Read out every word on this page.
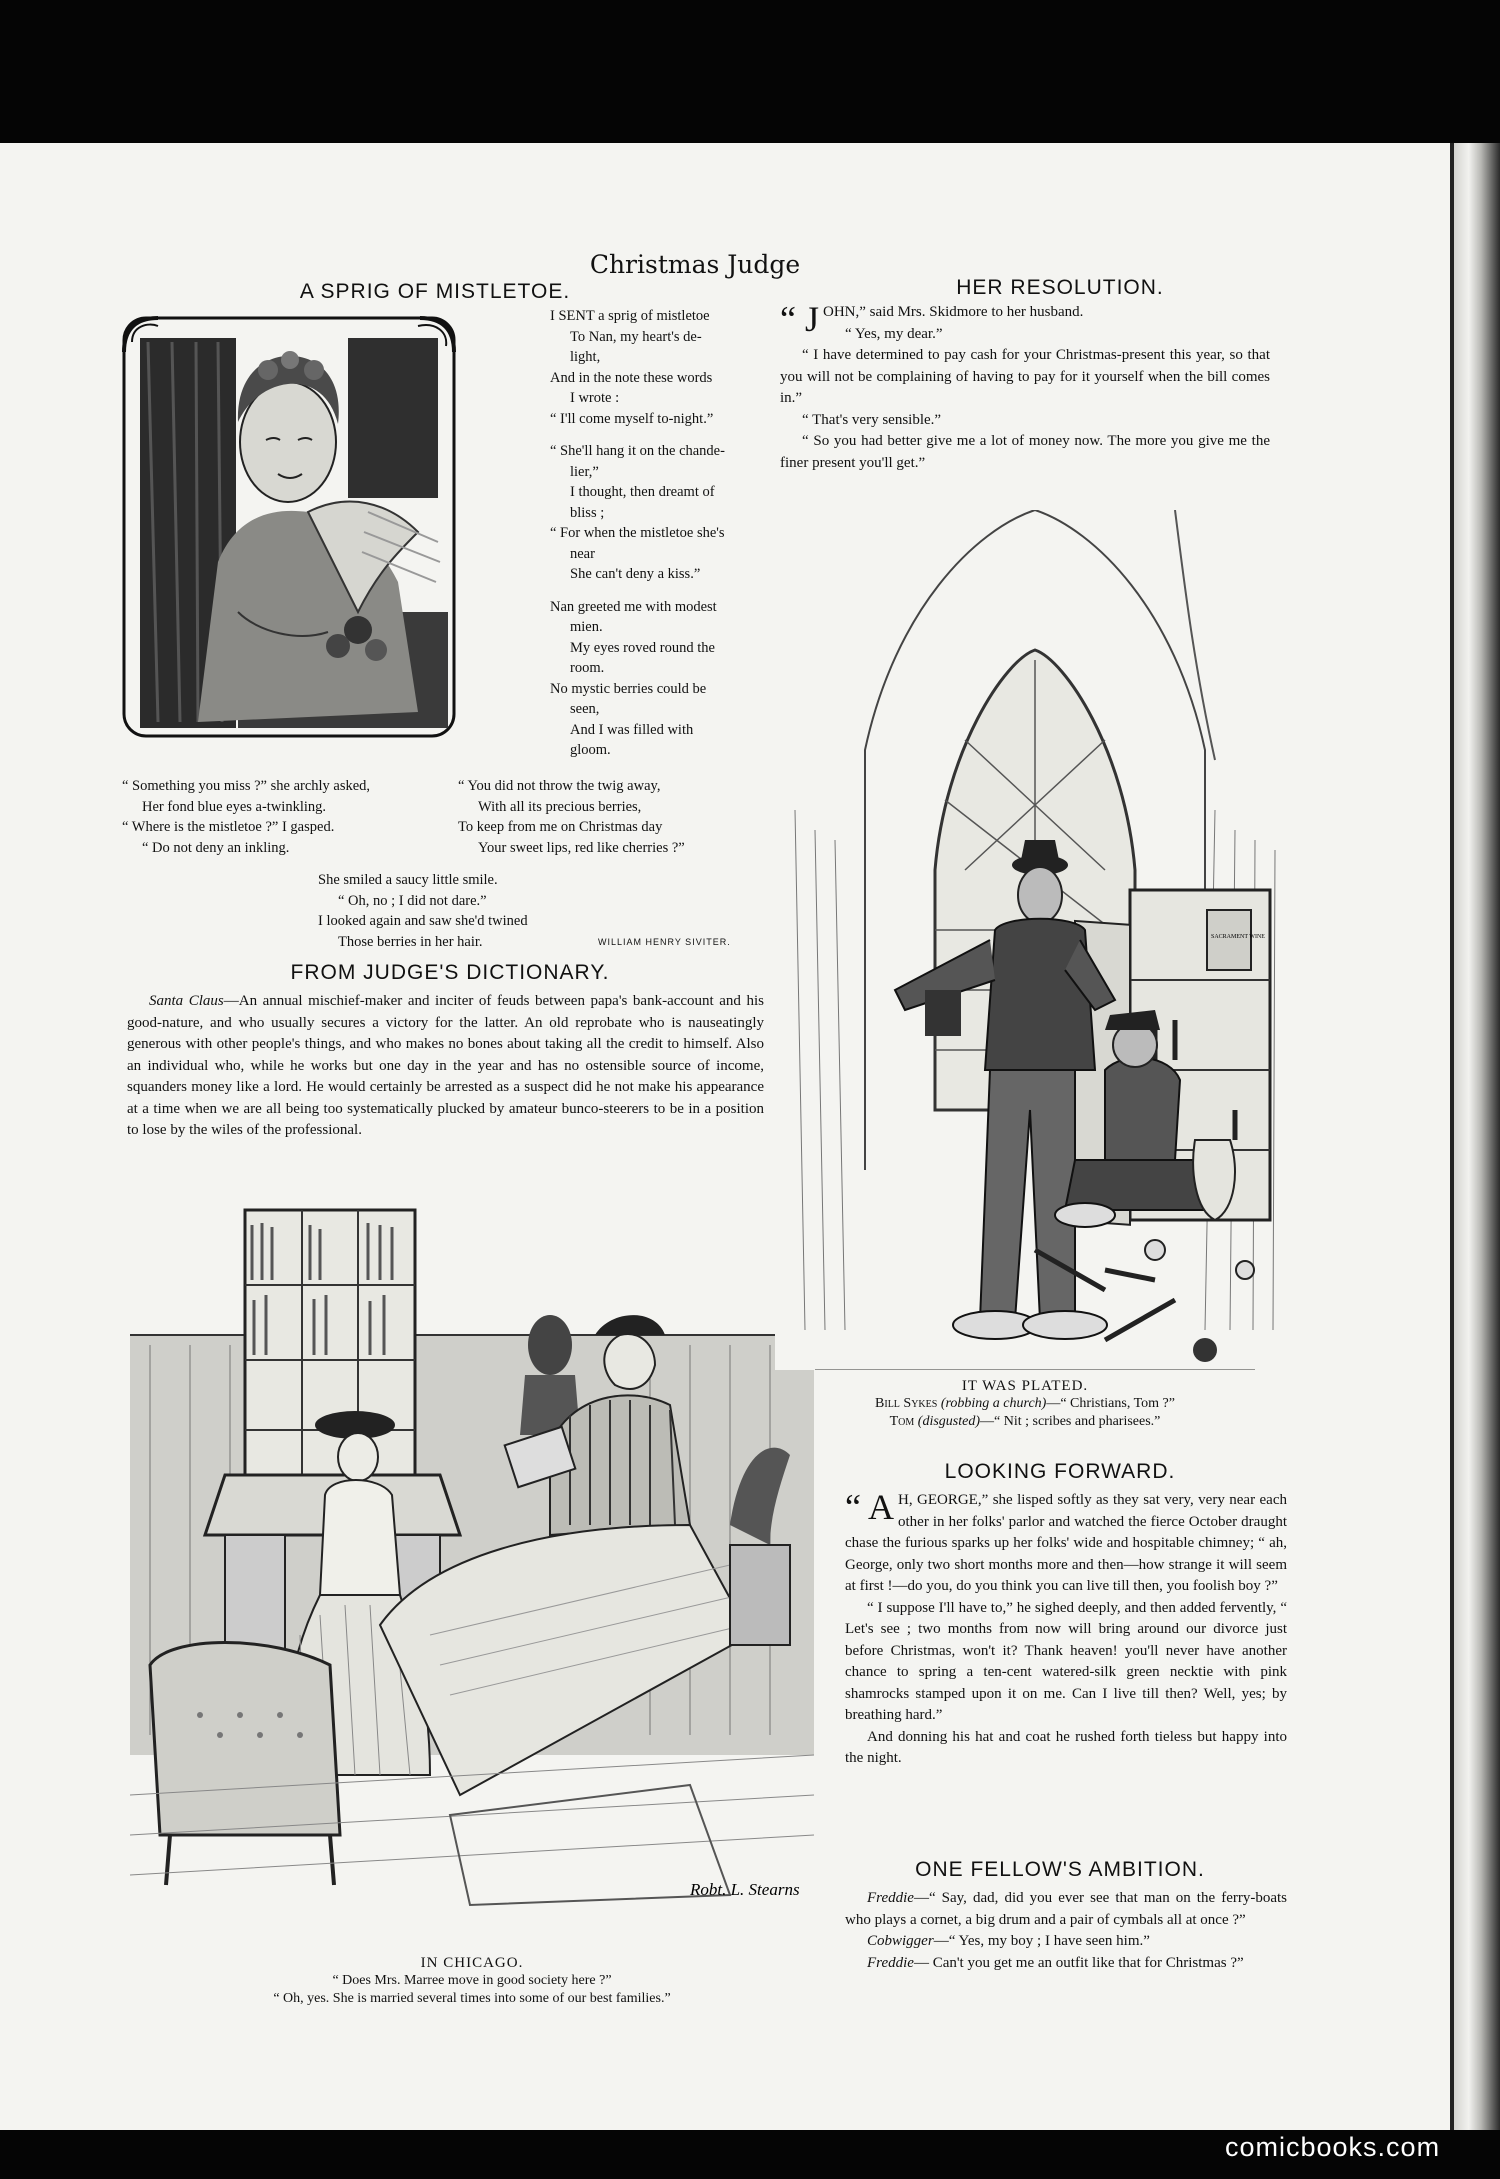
Christmas Judge
A SPRIG OF MISTLETOE.
I SENT a sprig of mistletoe
To Nan, my heart's de-
light,
And in the note these words
I wrote :
“ I'll come myself to-night.”
“ She'll hang it on the chande-
lier,”
I thought, then dreamt of
bliss ;
“ For when the mistletoe she's
near
She can't deny a kiss.”
Nan greeted me with modest
mien.
My eyes roved round the
room.
No mystic berries could be
seen,
And I was filled with
gloom.
“ Something you miss ?” she archly asked,
Her fond blue eyes a-twinkling.
“ Where is the mistletoe ?” I gasped.
“ Do not deny an inkling.
“ You did not throw the twig away,
With all its precious berries,
To keep from me on Christmas day
Your sweet lips, red like cherries ?”
She smiled a saucy little smile.
“ Oh, no ; I did not dare.”
I looked again and saw she'd twined
Those berries in her hair.	WILLIAM HENRY SIVITER.
FROM JUDGE'S DICTIONARY.

Santa Claus—An annual mischief-maker and inciter of feuds between papa's bank-account and his good-nature, and who usually secures a victory for the latter. An old reprobate who is nauseatingly generous with other people's things, and who makes no bones about taking all the credit to himself. Also an individual who, while he works but one day in the year and has no ostensible source of income, squanders money like a lord. He would certainly be arrested as a suspect did he not make his appearance at a time when we are all being too systematically plucked by amateur bunco-steerers to be in a position to lose by the wiles of the professional.

Robt. L. Stearns
IN CHICAGO.
“ Does Mrs. Marree move in good society here ?”
“ Oh, yes. She is married several times into some of our best families.”
HER RESOLUTION.

“ J OHN,” said Mrs. Skidmore to her husband.

“ Yes, my dear.”

“ I have determined to pay cash for your Christmas-present this year, so that you will not be complaining of having to pay for it yourself when the bill comes in.”

“ That's very sensible.”

“ So you had better give me a lot of money now. The more you give me the finer present you'll get.”

SACRAMENT WINE
IT WAS PLATED.
Bill Sykes (robbing a church)—“ Christians, Tom ?”
Tom (disgusted)—“ Nit ; scribes and pharisees.”
LOOKING FORWARD.

“ A H, GEORGE,” she lisped softly as they sat very, very near each other in her folks' parlor and watched the fierce October draught chase the furious sparks up her folks' wide and hospitable chimney; “ ah, George, only two short months more and then—how strange it will seem at first !—do you, do you think you can live till then, you foolish boy ?”

“ I suppose I'll have to,” he sighed deeply, and then added fervently, “ Let's see ; two months from now will bring around our divorce just before Christmas, won't it? Thank heaven! you'll never have another chance to spring a ten-cent watered-silk green necktie with pink shamrocks stamped upon it on me. Can I live till then? Well, yes; by breathing hard.”

And donning his hat and coat he rushed forth tieless but happy into the night.

ONE FELLOW'S AMBITION.

Freddie—“ Say, dad, did you ever see that man on the ferry-boats who plays a cornet, a big drum and a pair of cymbals all at once ?”

Cobwigger—“ Yes, my boy ; I have seen him.”

Freddie— Can't you get me an outfit like that for Christmas ?”

comicbooks.com
